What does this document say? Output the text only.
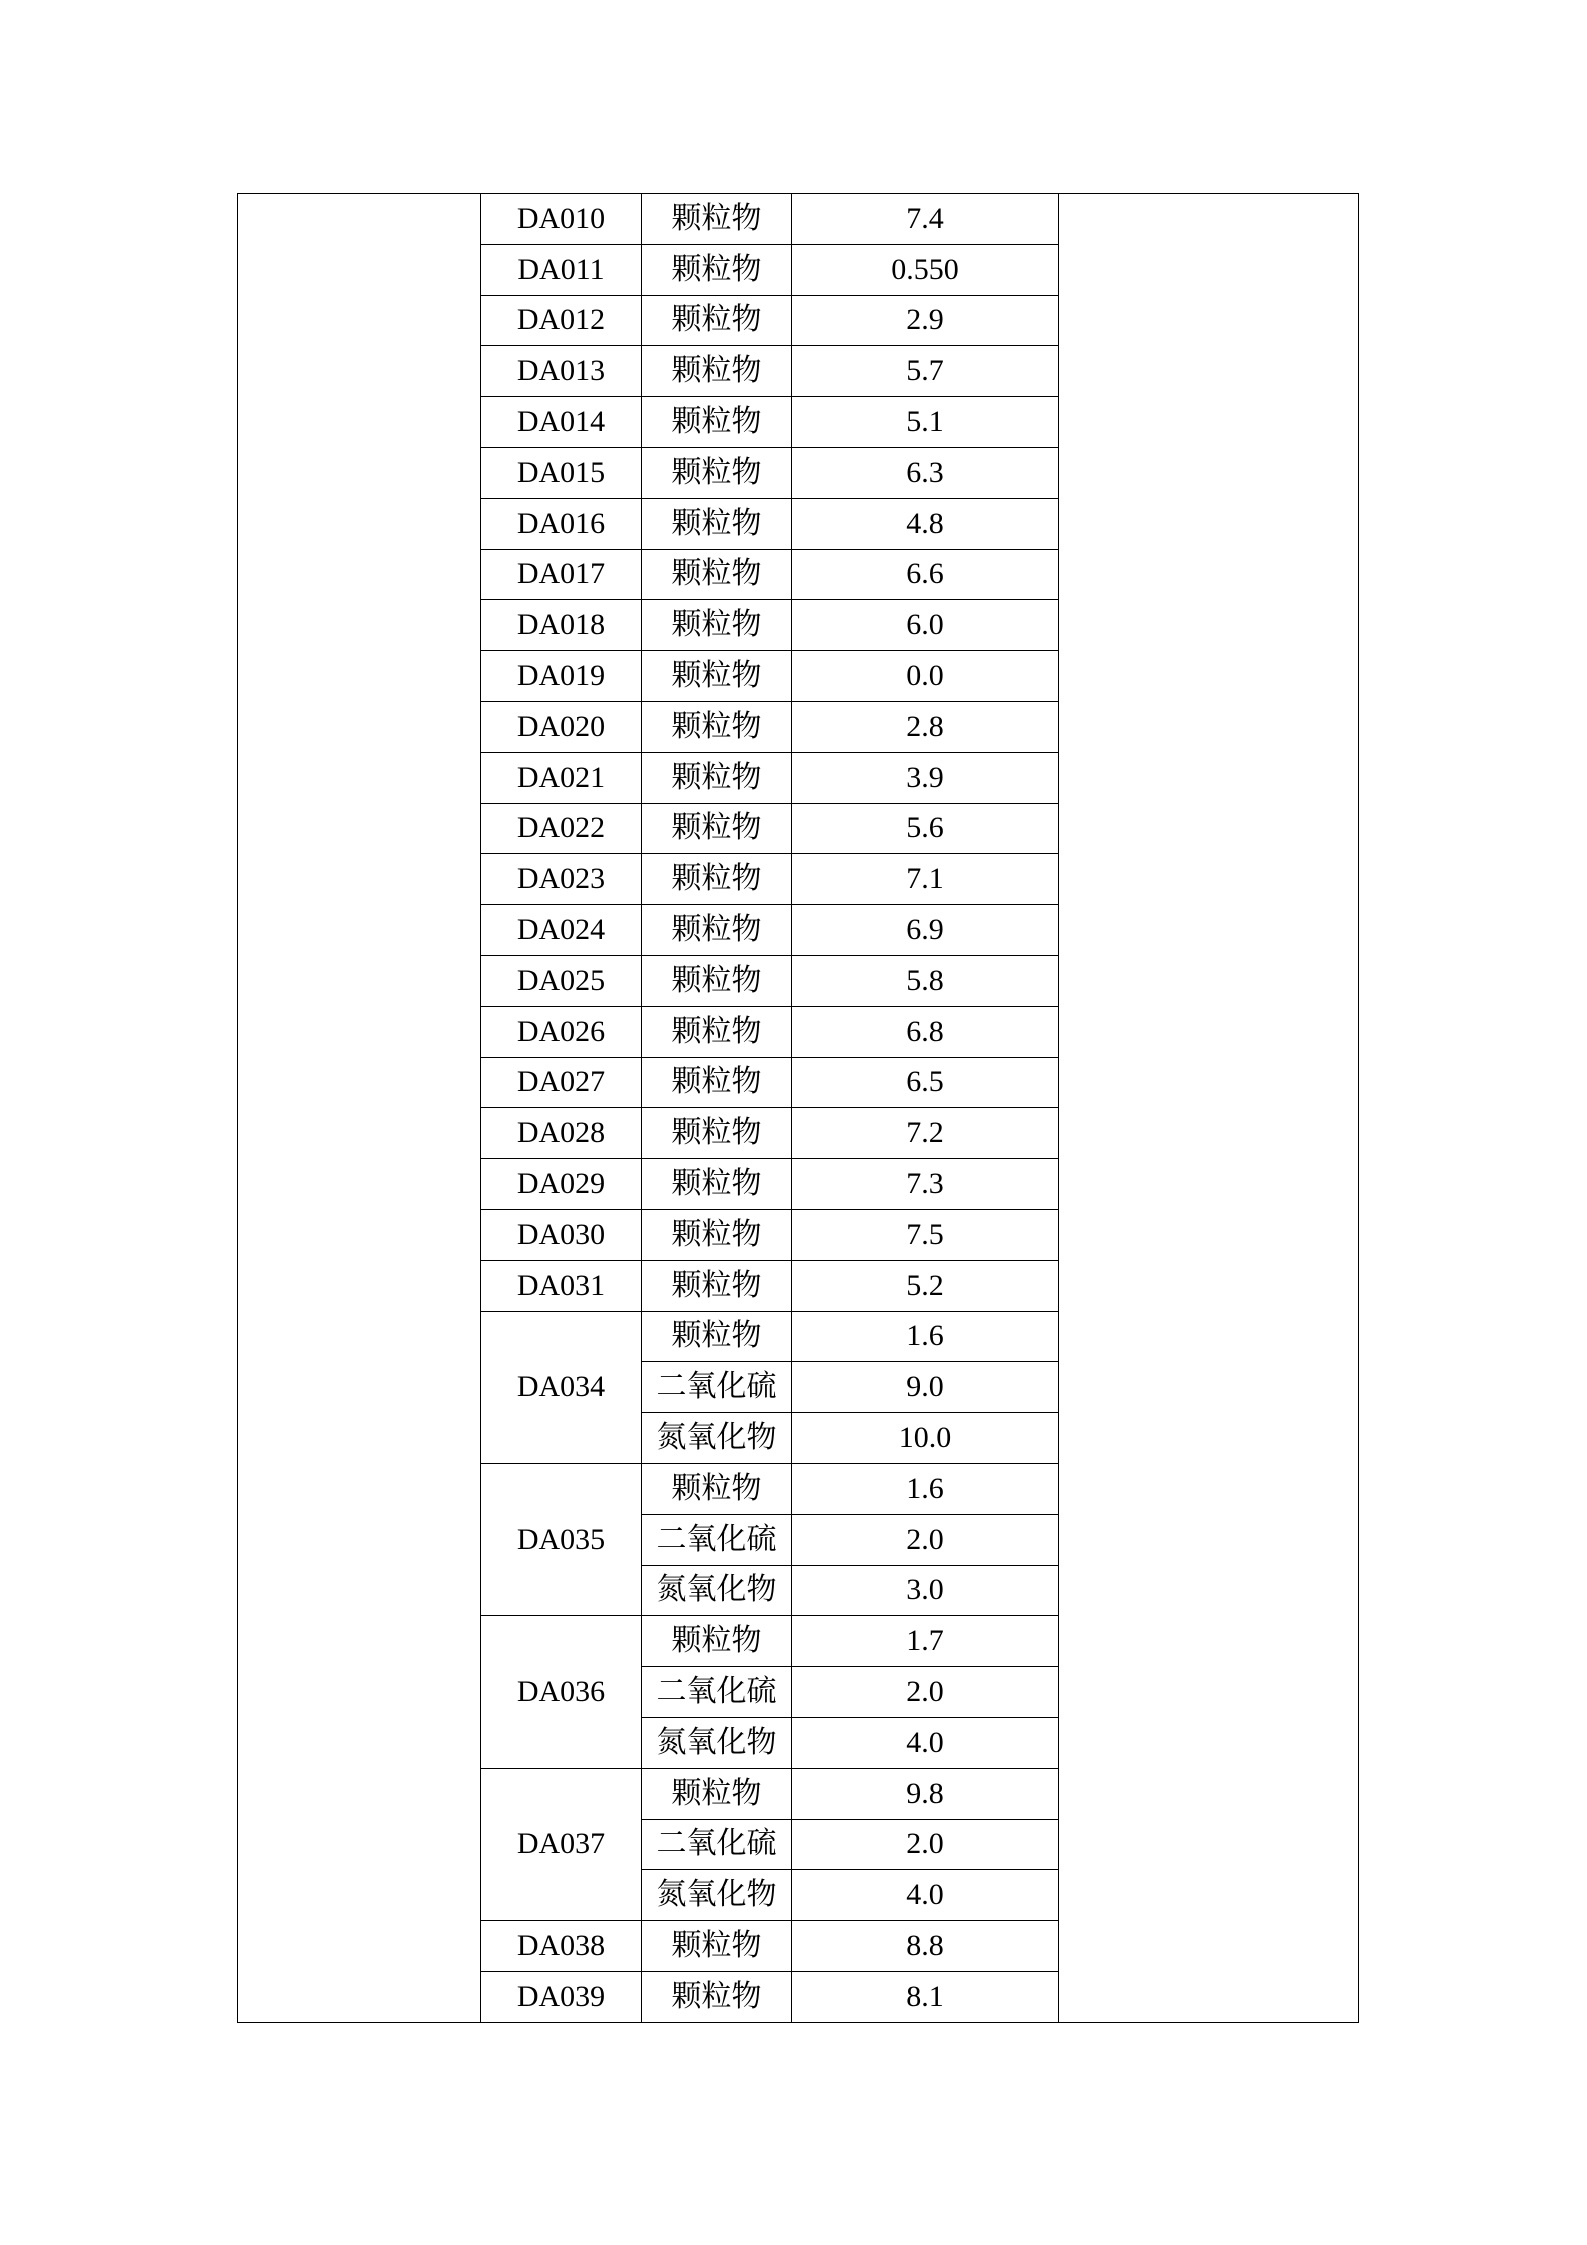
	DA010	颗粒物	7.4	
	DA011	颗粒物	0.550	
	DA012	颗粒物	2.9	
	DA013	颗粒物	5.7	
	DA014	颗粒物	5.1	
	DA015	颗粒物	6.3	
	DA016	颗粒物	4.8	
	DA017	颗粒物	6.6	
	DA018	颗粒物	6.0	
	DA019	颗粒物	0.0	
	DA020	颗粒物	2.8	
	DA021	颗粒物	3.9	
	DA022	颗粒物	5.6	
	DA023	颗粒物	7.1	
	DA024	颗粒物	6.9	
	DA025	颗粒物	5.8	
	DA026	颗粒物	6.8	
	DA027	颗粒物	6.5	
	DA028	颗粒物	7.2	
	DA029	颗粒物	7.3	
	DA030	颗粒物	7.5	
	DA031	颗粒物	5.2	
	DA034	颗粒物	1.6	
		二氧化硫	9.0	
		氮氧化物	10.0	
	DA035	颗粒物	1.6	
		二氧化硫	2.0	
		氮氧化物	3.0	
	DA036	颗粒物	1.7	
		二氧化硫	2.0	
		氮氧化物	4.0	
	DA037	颗粒物	9.8	
		二氧化硫	2.0	
		氮氧化物	4.0	
	DA038	颗粒物	8.8	
	DA039	颗粒物	8.1	
